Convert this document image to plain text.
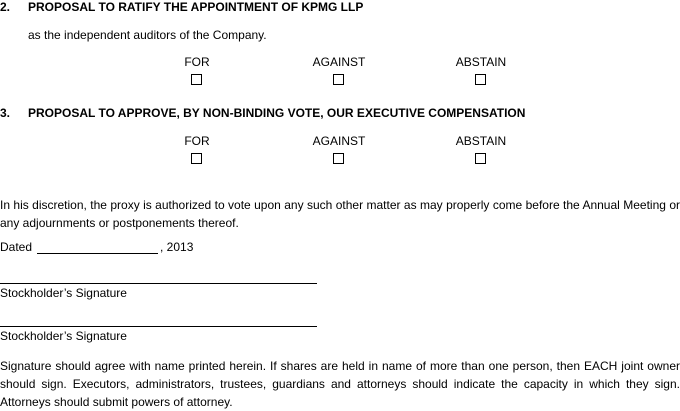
2. PROPOSAL TO RATIFY THE APPOINTMENT OF KPMG LLP
as the independent auditors of the Company.
FOR	AGAINST	ABSTAIN
3. PROPOSAL TO APPROVE, BY NON-BINDING VOTE, OUR EXECUTIVE COMPENSATION
FOR	AGAINST	ABSTAIN
In his discretion, the proxy is authorized to vote upon any such other matter as may properly come before the Annual Meeting or any adjournments or postponements thereof.
Dated	, 2013
Stockholder’s Signature
Stockholder’s Signature
Signature should agree with name printed herein. If shares are held in name of more than one person, then EACH joint owner should sign. Executors, administrators, trustees, guardians and attorneys should indicate the capacity in which they sign. Attorneys should submit powers of attorney.
